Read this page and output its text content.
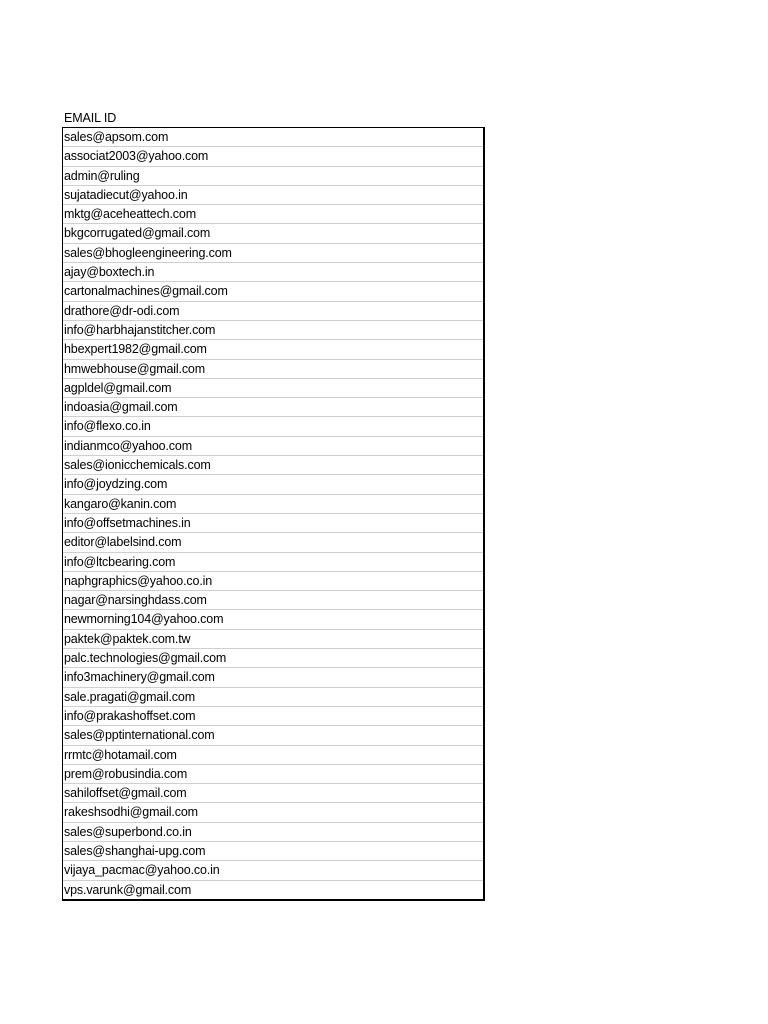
EMAIL ID
sales@apsom.com
associat2003@yahoo.com
admin@ruling
sujatadiecut@yahoo.in
mktg@aceheattech.com
bkgcorrugated@gmail.com
sales@bhogleengineering.com
ajay@boxtech.in
cartonalmachines@gmail.com
drathore@dr-odi.com
info@harbhajanstitcher.com
hbexpert1982@gmail.com
hmwebhouse@gmail.com
agpldel@gmail.com
indoasia@gmail.com
info@flexo.co.in
indianmco@yahoo.com
sales@ionicchemicals.com
info@joydzing.com
kangaro@kanin.com
info@offsetmachines.in
editor@labelsind.com
info@ltcbearing.com
naphgraphics@yahoo.co.in
nagar@narsinghdass.com
newmorning104@yahoo.com
paktek@paktek.com.tw
palc.technologies@gmail.com
info3machinery@gmail.com
sale.pragati@gmail.com
info@prakashoffset.com
sales@pptinternational.com
rrmtc@hotamail.com
prem@robusindia.com
sahiloffset@gmail.com
rakeshsodhi@gmail.com
sales@superbond.co.in
sales@shanghai-upg.com
vijaya_pacmac@yahoo.co.in
vps.varunk@gmail.com
